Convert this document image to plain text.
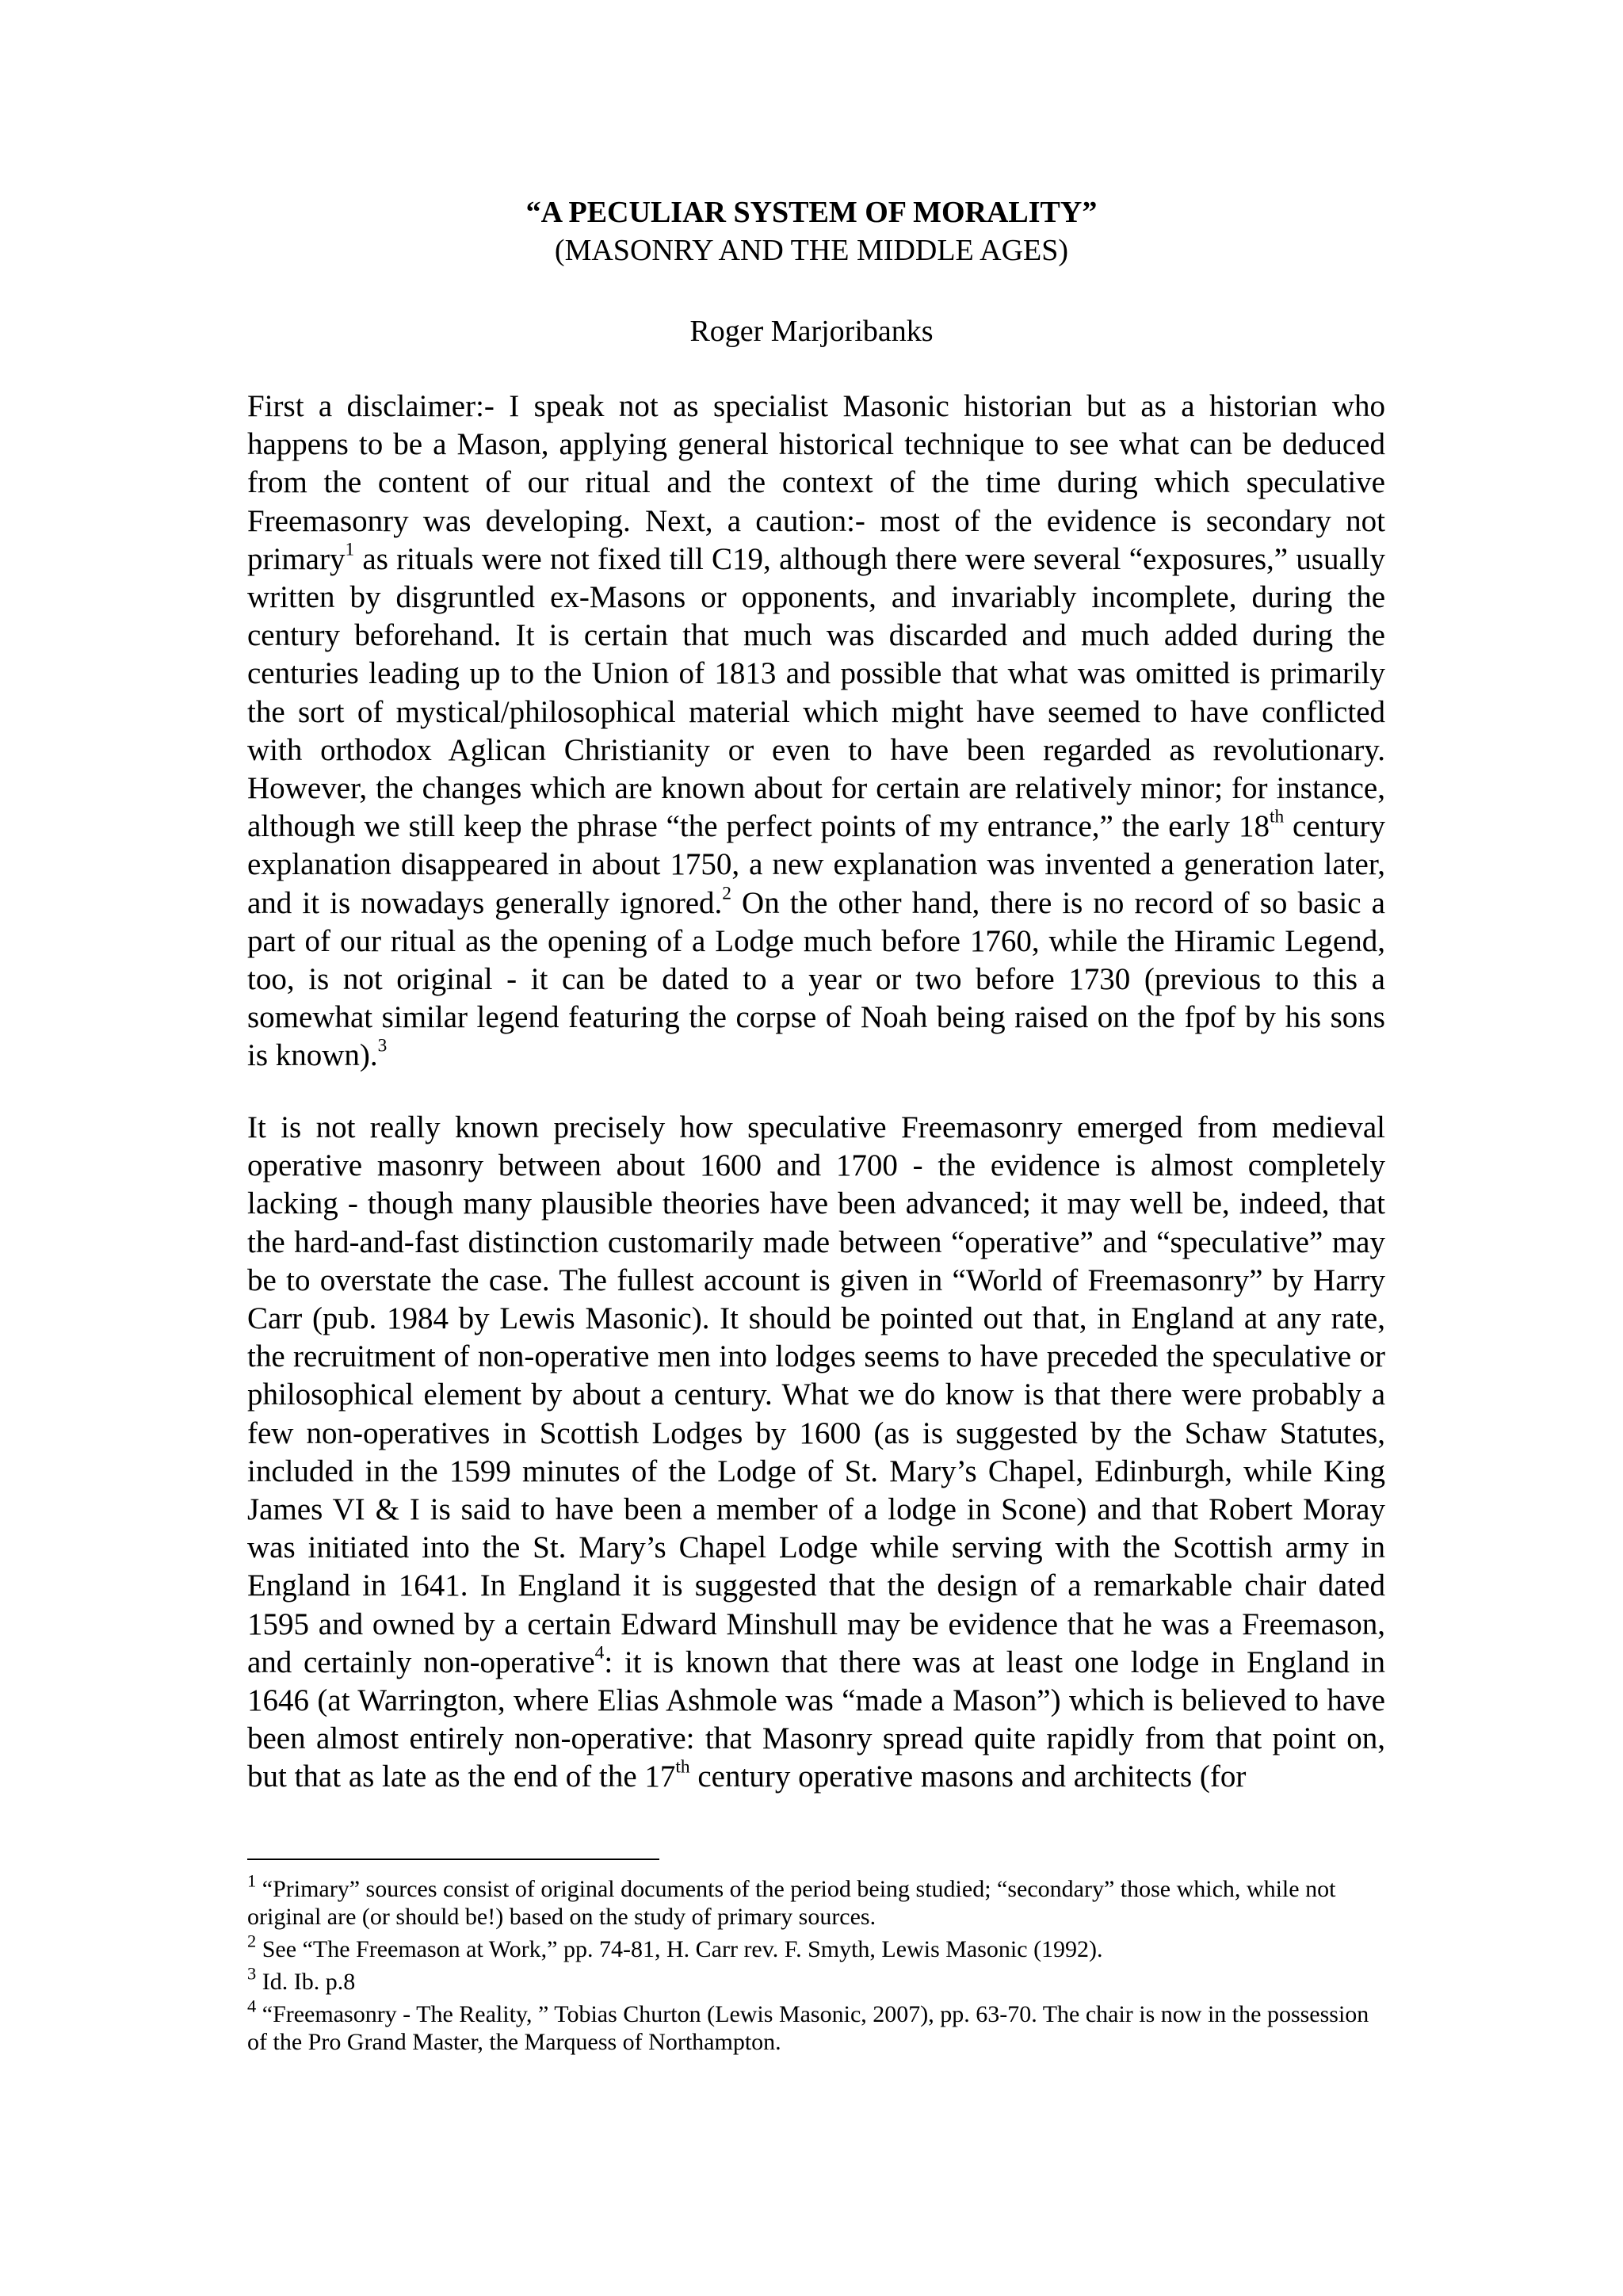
“A PECULIAR SYSTEM OF MORALITY”
(MASONRY AND THE MIDDLE AGES)
Roger Marjoribanks

First a disclaimer:- I speak not as specialist Masonic historian but as a historian who happens to be a Mason, applying general historical technique to see what can be deduced from the content of our ritual and the context of the time during which speculative Freemasonry was developing. Next, a caution:- most of the evidence is secondary not primary$^1$ as rituals were not fixed till C19, although there were several “exposures,” usually written by disgruntled ex-Masons or opponents, and invariably incomplete, during the century beforehand. It is certain that much was discarded and much added during the centuries leading up to the Union of 1813 and possible that what was omitted is primarily the sort of mystical/philosophical material which might have seemed to have conflicted with orthodox Aglican Christianity or even to have been regarded as revolutionary. However, the changes which are known about for certain are relatively minor; for instance, although we still keep the phrase “the perfect points of my entrance,” the early 18th century explanation disappeared in about 1750, a new explanation was invented a generation later, and it is nowadays generally ignored.$^2$ On the other hand, there is no record of so basic a part of our ritual as the opening of a Lodge much before 1760, while the Hiramic Legend, too, is not original - it can be dated to a year or two before 1730 (previous to this a somewhat similar legend featuring the corpse of Noah being raised on the fpof by his sons is known).$^3$

It is not really known precisely how speculative Freemasonry emerged from medieval operative masonry between about 1600 and 1700 - the evidence is almost completely lacking - though many plausible theories have been advanced; it may well be, indeed, that the hard-and-fast distinction customarily made between “operative” and “speculative” may be to overstate the case. The fullest account is given in “World of Freemasonry” by Harry Carr (pub. 1984 by Lewis Masonic). It should be pointed out that, in England at any rate, the recruitment of non-operative men into lodges seems to have preceded the speculative or philosophical element by about a century. What we do know is that there were probably a few non-operatives in Scottish Lodges by 1600 (as is suggested by the Schaw Statutes, included in the 1599 minutes of the Lodge of St. Mary’s Chapel, Edinburgh, while King James VI & I is said to have been a member of a lodge in Scone) and that Robert Moray was initiated into the St. Mary’s Chapel Lodge while serving with the Scottish army in England in 1641. In England it is suggested that the design of a remarkable chair dated 1595 and owned by a certain Edward Minshull may be evidence that he was a Freemason, and certainly non-operative$^4$: it is known that there was at least one lodge in England in 1646 (at Warrington, where Elias Ashmole was “made a Mason”) which is believed to have been almost entirely non-operative: that Masonry spread quite rapidly from that point on, but that as late as the end of the 17th century operative masons and architects (for

$^1$ “Primary” sources consist of original documents of the period being studied; “secondary” those which, while not original are (or should be!) based on the study of primary sources.

$^2$ See “The Freemason at Work,” pp. 74-81, H. Carr rev. F. Smyth, Lewis Masonic (1992).

$^3$ Id. Ib. p.8

$^4$ “Freemasonry - The Reality, ” Tobias Churton (Lewis Masonic, 2007), pp. 63-70. The chair is now in the possession of the Pro Grand Master, the Marquess of Northampton.
